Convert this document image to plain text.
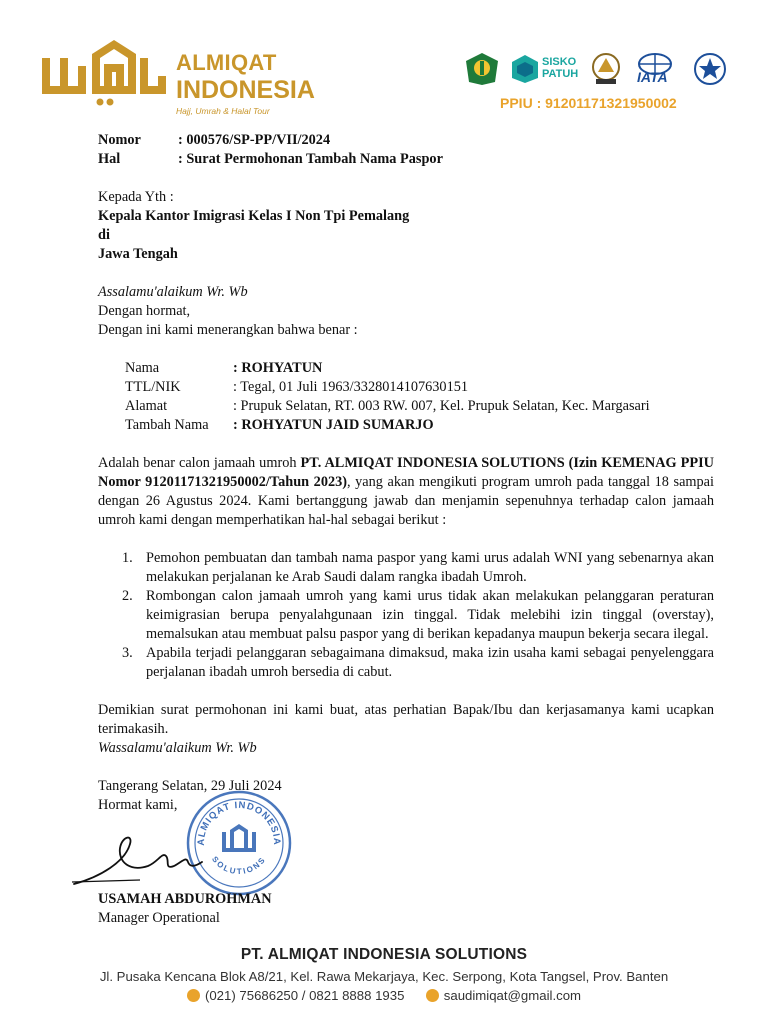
ALMIQAT
INDONESIA
Hajj, Umrah & Halal Tour
SISKO
PATUH	IATA
PPIU : 91201171321950002
Nomor	: 000576/SP-PP/VII/2024
Hal	: Surat Permohonan Tambah Nama Paspor
Kepada Yth :
Kepala Kantor Imigrasi Kelas I Non Tpi Pemalang
di
Jawa Tengah
Assalamu'alaikum Wr. Wb
Dengan hormat,
Dengan ini kami menerangkan bahwa benar :
Nama	: ROHYATUN
TTL/NIK	: Tegal, 01 Juli 1963/3328014107630151
Alamat	: Prupuk Selatan, RT. 003 RW. 007, Kel. Prupuk Selatan, Kec. Margasari
Tambah Nama : ROHYATUN JAID SUMARJO
Adalah benar calon jamaah umroh PT. ALMIQAT INDONESIA SOLUTIONS (Izin KEMENAG PPIU Nomor 91201171321950002/Tahun 2023), yang akan mengikuti program umroh pada tanggal 18 sampai dengan 26 Agustus 2024. Kami bertanggung jawab dan menjamin sepenuhnya terhadap calon jamaah umroh kami dengan memperhatikan hal-hal sebagai berikut :
1. Pemohon pembuatan dan tambah nama paspor yang kami urus adalah WNI yang sebenarnya akan melakukan perjalanan ke Arab Saudi dalam rangka ibadah Umroh.
2. Rombongan calon jamaah umroh yang kami urus tidak akan melakukan pelanggaran peraturan keimigrasian berupa penyalahgunaan izin tinggal. Tidak melebihi izin tinggal (overstay), memalsukan atau membuat palsu paspor yang di berikan kepadanya maupun bekerja secara ilegal.
3. Apabila terjadi pelanggaran sebagaimana dimaksud, maka izin usaha kami sebagai penyelenggara perjalanan ibadah umroh bersedia di cabut.
Demikian surat permohonan ini kami buat, atas perhatian Bapak/Ibu dan kerjasamanya kami ucapkan terimakasih.
Wassalamu'alaikum Wr. Wb
Tangerang Selatan, 29 Juli 2024
Hormat kami,
ALMIQAT INDONESIA
SOLUTIONS
USAMAH ABDUROHMAN
Manager Operational
PT. ALMIQAT INDONESIA SOLUTIONS
Jl. Pusaka Kencana Blok A8/21, Kel. Rawa Mekarjaya, Kec. Serpong, Kota Tangsel, Prov. Banten
(021) 75686250 / 0821 8888 1935	saudimiqat@gmail.com
